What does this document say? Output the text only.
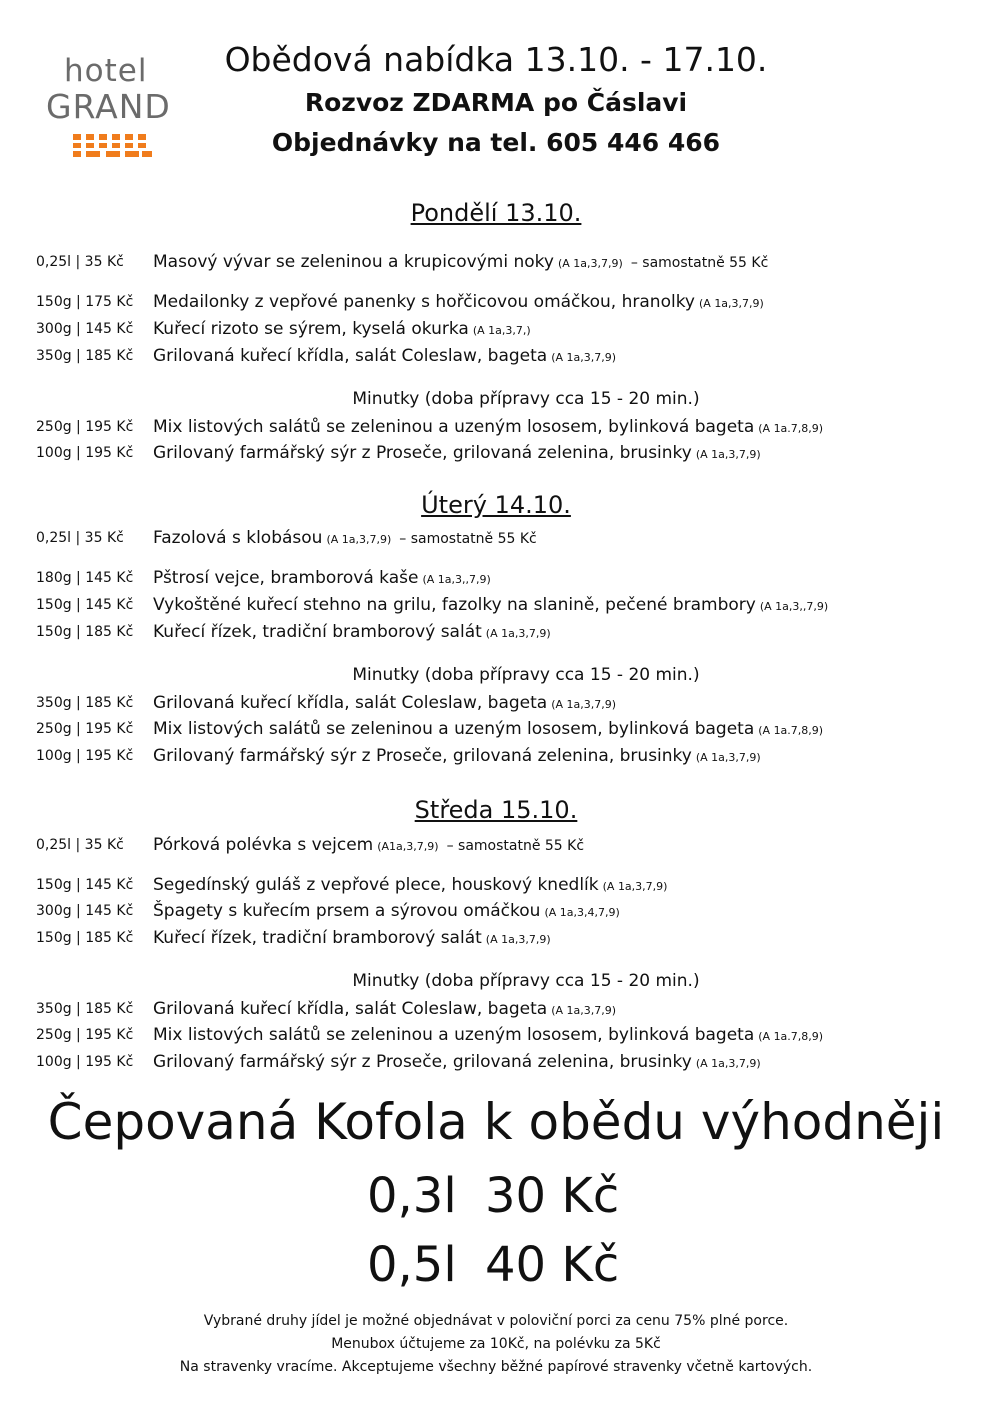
hotel
GRAND
Obědová nabídka 13.10. - 17.10.
Rozvoz ZDARMA po Čáslavi
Objednávky na tel. 605 446 466
Pondělí 13.10.
0,25l | 35 Kč Masový vývar se zeleninou a krupicovými noky (A 1a,3,7,9) – samostatně 55 Kč
150g | 175 Kč Medailonky z vepřové panenky s hořčicovou omáčkou, hranolky (A 1a,3,7,9)
300g | 145 Kč Kuřecí rizoto se sýrem, kyselá okurka (A 1a,3,7,)
350g | 185 Kč Grilovaná kuřecí křídla, salát Coleslaw, bageta (A 1a,3,7,9)
Minutky (doba přípravy cca 15 - 20 min.)
250g | 195 Kč Mix listových salátů se zeleninou a uzeným lososem, bylinková bageta (A 1a.7,8,9)
100g | 195 Kč Grilovaný farmářský sýr z Proseče, grilovaná zelenina, brusinky (A 1a,3,7,9)
Úterý 14.10.
0,25l | 35 Kč Fazolová s klobásou (A 1a,3,7,9) – samostatně 55 Kč
180g | 145 Kč Pštrosí vejce, bramborová kaše (A 1a,3,,7,9)
150g | 145 Kč Vykoštěné kuřecí stehno na grilu, fazolky na slanině, pečené brambory (A 1a,3,,7,9)
150g | 185 Kč Kuřecí řízek, tradiční bramborový salát (A 1a,3,7,9)
Minutky (doba přípravy cca 15 - 20 min.)
350g | 185 Kč Grilovaná kuřecí křídla, salát Coleslaw, bageta (A 1a,3,7,9)
250g | 195 Kč Mix listových salátů se zeleninou a uzeným lososem, bylinková bageta (A 1a.7,8,9)
100g | 195 Kč Grilovaný farmářský sýr z Proseče, grilovaná zelenina, brusinky (A 1a,3,7,9)
Středa 15.10.
0,25l | 35 Kč Pórková polévka s vejcem (A1a,3,7,9) – samostatně 55 Kč
150g | 145 Kč Segedínský guláš z vepřové plece, houskový knedlík (A 1a,3,7,9)
300g | 145 Kč Špagety s kuřecím prsem a sýrovou omáčkou (A 1a,3,4,7,9)
150g | 185 Kč Kuřecí řízek, tradiční bramborový salát (A 1a,3,7,9)
Minutky (doba přípravy cca 15 - 20 min.)
350g | 185 Kč Grilovaná kuřecí křídla, salát Coleslaw, bageta (A 1a,3,7,9)
250g | 195 Kč Mix listových salátů se zeleninou a uzeným lososem, bylinková bageta (A 1a.7,8,9)
100g | 195 Kč Grilovaný farmářský sýr z Proseče, grilovaná zelenina, brusinky (A 1a,3,7,9)
Čepovaná Kofola k obědu výhodněji
0,3l 30 Kč
0,5l 40 Kč
Vybrané druhy jídel je možné objednávat v poloviční porci za cenu 75% plné porce.
Menubox účtujeme za 10Kč, na polévku za 5Kč
Na stravenky vracíme. Akceptujeme všechny běžné papírové stravenky včetně kartových.
